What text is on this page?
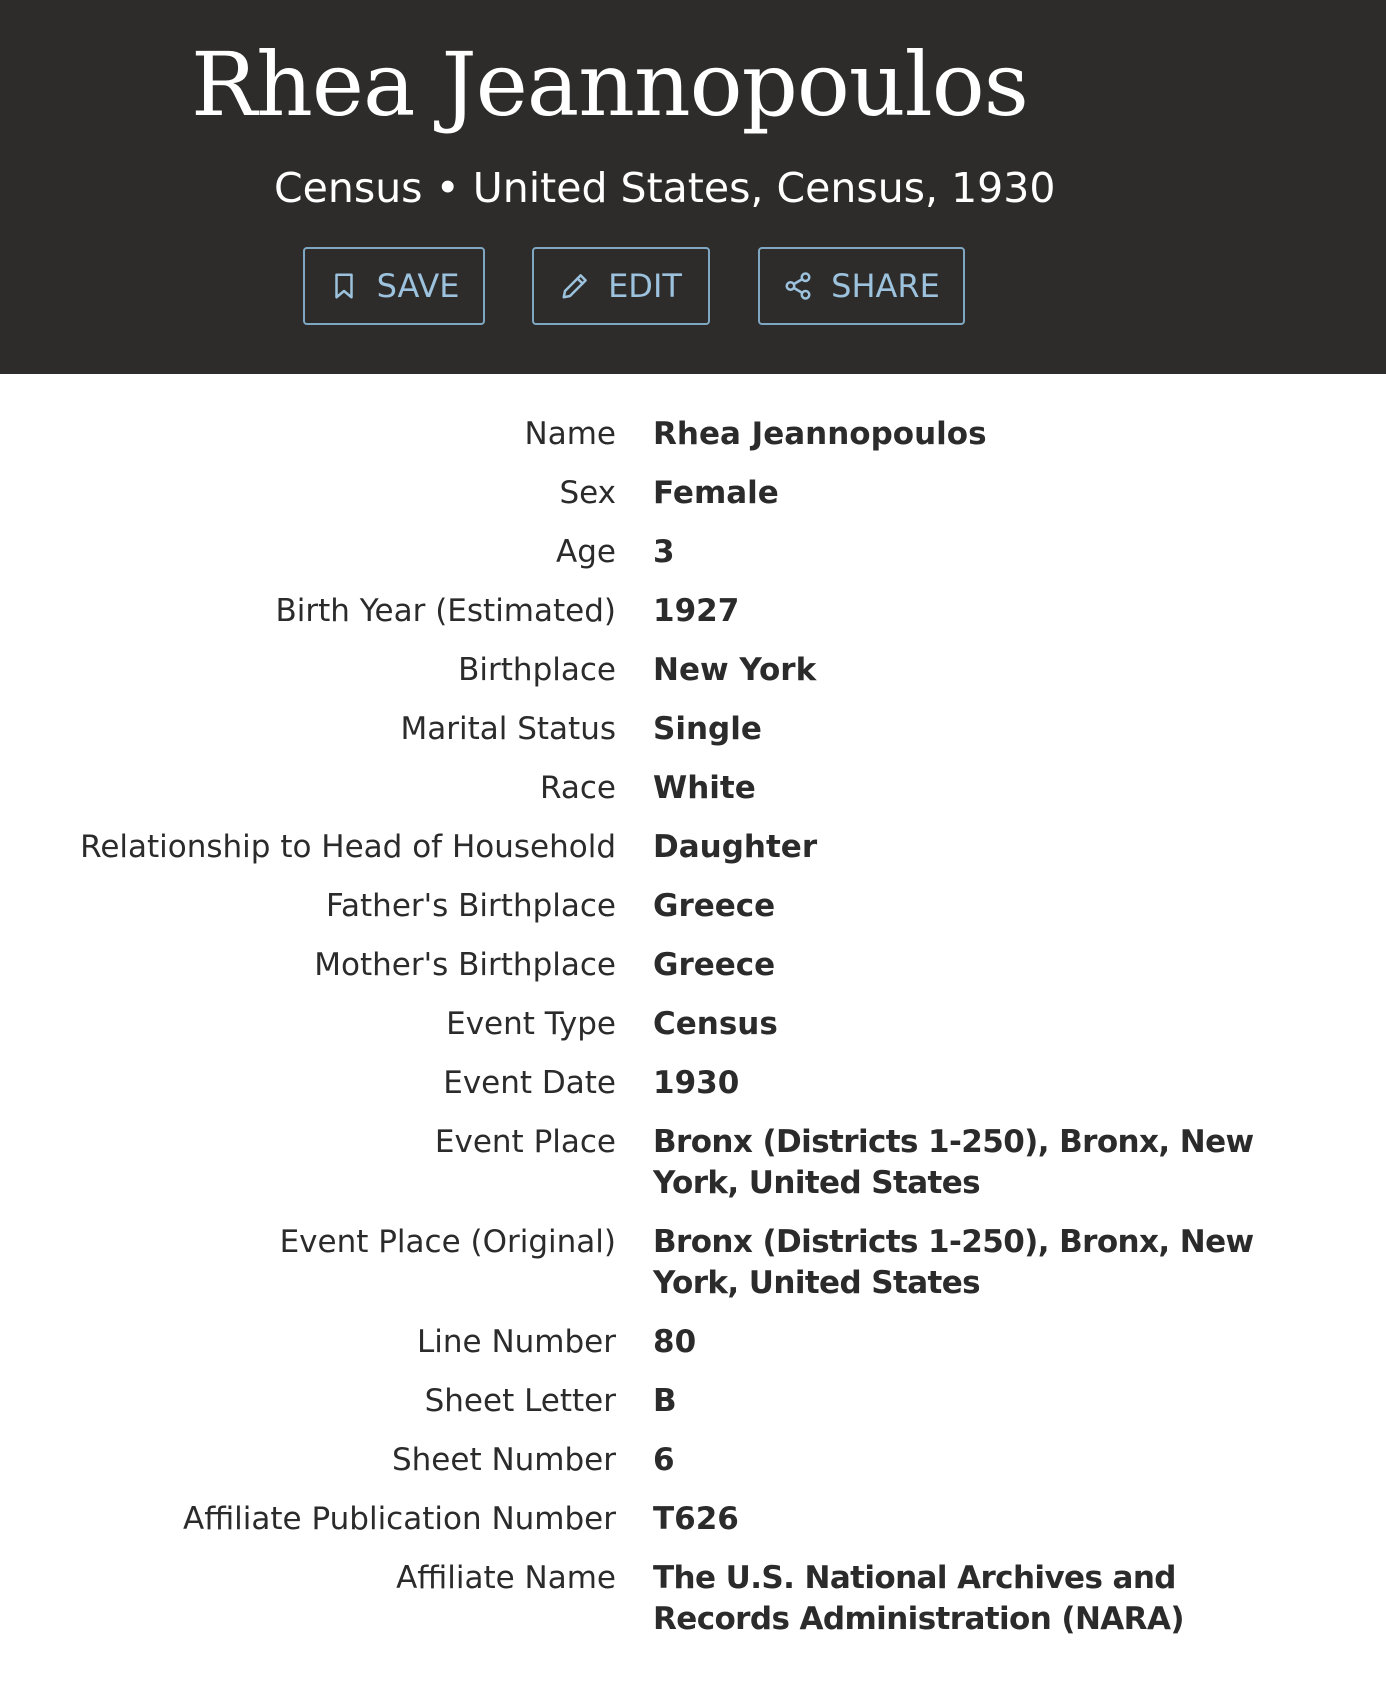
Rhea Jeannopoulos
Census • United States, Census, 1930
SAVE	EDIT	SHARE
Name Rhea Jeannopoulos
Sex Female
Age 3
Birth Year (Estimated) 1927
Birthplace New York
Marital Status Single
Race White
Relationship to Head of Household Daughter
Father's Birthplace Greece
Mother's Birthplace Greece
Event Type Census
Event Date 1930
Event Place Bronx (Districts 1-250), Bronx, New York, United States
Event Place (Original) Bronx (Districts 1-250), Bronx, New York, United States
Line Number 80
Sheet Letter B
Sheet Number 6
Affiliate Publication Number T626
Affiliate Name The U.S. National Archives and Records Administration (NARA)
